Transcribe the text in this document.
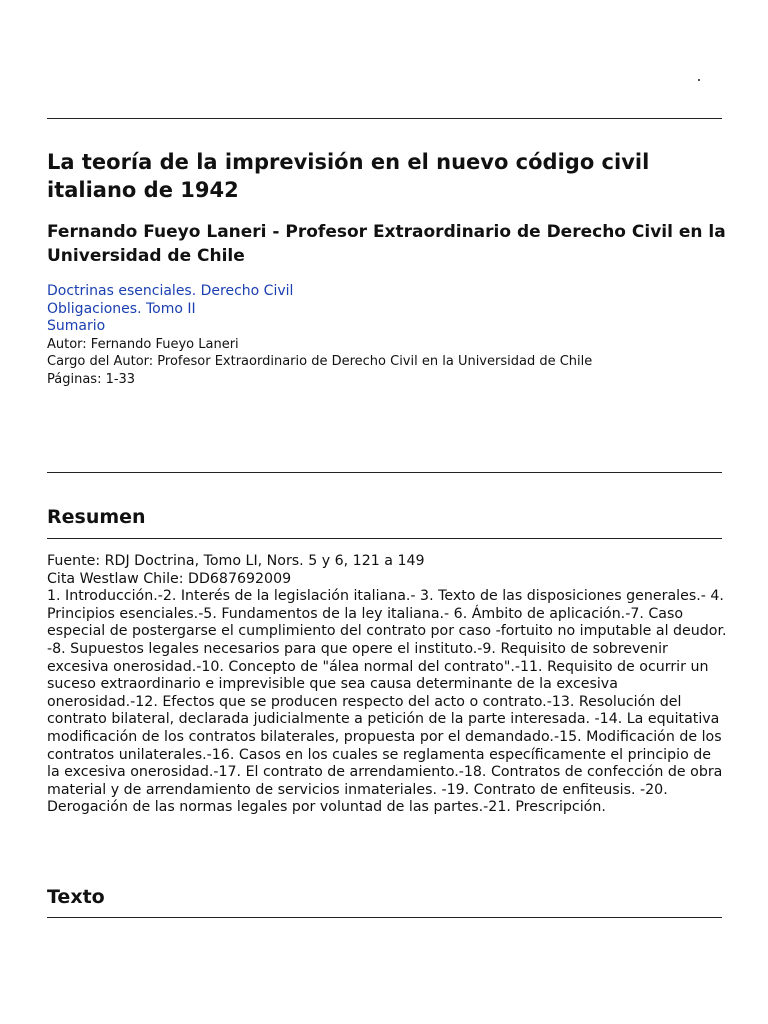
La teoría de la imprevisión en el nuevo código civil italiano de 1942
Fernando Fueyo Laneri - Profesor Extraordinario de Derecho Civil en la Universidad de Chile
Doctrinas esenciales. Derecho Civil
Obligaciones. Tomo II
Sumario
Autor: Fernando Fueyo Laneri
Cargo del Autor: Profesor Extraordinario de Derecho Civil en la Universidad de Chile
Páginas: 1-33
Resumen
Fuente: RDJ Doctrina, Tomo LI, Nors. 5 y 6, 121 a 149
Cita Westlaw Chile: DD687692009

1. Introducción.-2. Interés de la legislación italiana.- 3. Texto de las disposiciones generales.- 4. Principios esenciales.-5. Fundamentos de la ley italiana.- 6. Ámbito de aplicación.-7. Caso especial de postergarse el cumplimiento del contrato por caso -fortuito no imputable al deudor. -8. Supuestos legales necesarios para que opere el instituto.-9. Requisito de sobrevenir excesiva onerosidad.-10. Concepto de "álea normal del contrato".-11. Requisito de ocurrir un suceso extraordinario e imprevisible que sea causa determinante de la excesiva onerosidad.-12. Efectos que se producen respecto del acto o contrato.-13. Resolución del contrato bilateral, declarada judicialmente a petición de la parte interesada. -14. La equitativa modificación de los contratos bilaterales, propuesta por el demandado.-15. Modificación de los contratos unilaterales.-16. Casos en los cuales se reglamenta específicamente el principio de la excesiva onerosidad.-17. El contrato de arrendamiento.-18. Contratos de confección de obra material y de arrendamiento de servicios inmateriales. -19. Contrato de enfiteusis. -20. Derogación de las normas legales por voluntad de las partes.-21. Prescripción.

Texto
